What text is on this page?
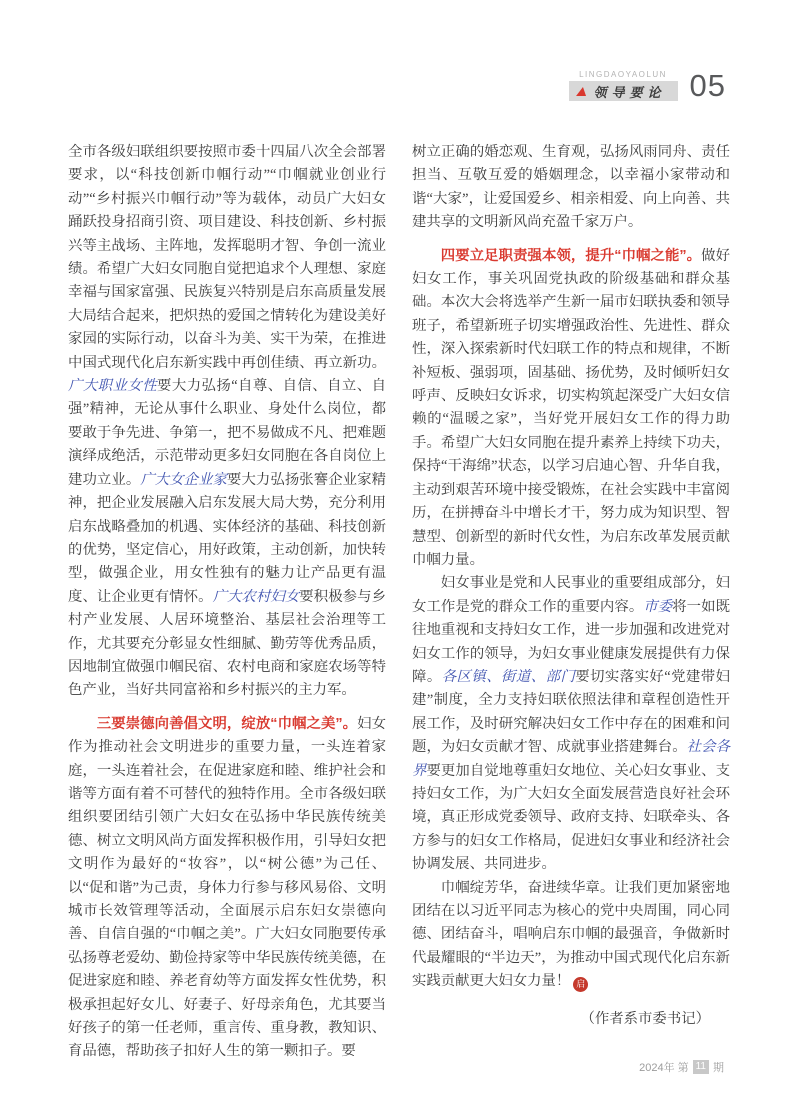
LINGDAOYAOLUN
领导要论 05

全市各级妇联组织要按照市委十四届八次全会部署要求，以“科技创新巾帼行动”“巾帼就业创业行动”“乡村振兴巾帼行动”等为载体，动员广大妇女踊跃投身招商引资、项目建设、科技创新、乡村振兴等主战场、主阵地，发挥聪明才智、争创一流业绩。希望广大妇女同胞自觉把追求个人理想、家庭幸福与国家富强、民族复兴特别是启东高质量发展大局结合起来，把炽热的爱国之情转化为建设美好家园的实际行动，以奋斗为美、实干为荣，在推进中国式现代化启东新实践中再创佳绩、再立新功。广大职业女性要大力弘扬“自尊、自信、自立、自强”精神，无论从事什么职业、身处什么岗位，都要敢于争先进、争第一，把不易做成不凡、把难题演绎成绝活，示范带动更多妇女同胞在各自岗位上建功立业。广大女企业家要大力弘扬张謇企业家精神，把企业发展融入启东发展大局大势，充分利用启东战略叠加的机遇、实体经济的基础、科技创新的优势，坚定信心，用好政策，主动创新，加快转型，做强企业，用女性独有的魅力让产品更有温度、让企业更有情怀。广大农村妇女要积极参与乡村产业发展、人居环境整治、基层社会治理等工作，尤其要充分彰显女性细腻、勤劳等优秀品质，因地制宜做强巾帼民宿、农村电商和家庭农场等特色产业，当好共同富裕和乡村振兴的主力军。

三要崇德向善倡文明，绽放“巾帼之美”。妇女作为推动社会文明进步的重要力量，一头连着家庭，一头连着社会，在促进家庭和睦、维护社会和谐等方面有着不可替代的独特作用。全市各级妇联组织要团结引领广大妇女在弘扬中华民族传统美德、树立文明风尚方面发挥积极作用，引导妇女把文明作为最好的“妆容”，以“树公德”为己任、以“促和谐”为己责，身体力行参与移风易俗、文明城市长效管理等活动，全面展示启东妇女崇德向善、自信自强的“巾帼之美”。广大妇女同胞要传承弘扬尊老爱幼、勤俭持家等中华民族传统美德，在促进家庭和睦、养老育幼等方面发挥女性优势，积极承担起好女儿、好妻子、好母亲角色，尤其要当好孩子的第一任老师，重言传、重身教，教知识、育品德，帮助孩子扣好人生的第一颗扣子。要

树立正确的婚恋观、生育观，弘扬风雨同舟、责任担当、互敬互爱的婚姻理念，以幸福小家带动和谐“大家”，让爱国爱乡、相亲相爱、向上向善、共建共享的文明新风尚充盈千家万户。

四要立足职责强本领，提升“巾帼之能”。做好妇女工作，事关巩固党执政的阶级基础和群众基础。本次大会将选举产生新一届市妇联执委和领导班子，希望新班子切实增强政治性、先进性、群众性，深入探索新时代妇联工作的特点和规律，不断补短板、强弱项，固基础、扬优势，及时倾听妇女呼声、反映妇女诉求，切实构筑起深受广大妇女信赖的“温暖之家”，当好党开展妇女工作的得力助手。希望广大妇女同胞在提升素养上持续下功夫，保持“干海绵”状态，以学习启迪心智、升华自我，主动到艰苦环境中接受锻炼，在社会实践中丰富阅历，在拼搏奋斗中增长才干，努力成为知识型、智慧型、创新型的新时代女性，为启东改革发展贡献巾帼力量。

妇女事业是党和人民事业的重要组成部分，妇女工作是党的群众工作的重要内容。市委将一如既往地重视和支持妇女工作，进一步加强和改进党对妇女工作的领导，为妇女事业健康发展提供有力保障。各区镇、街道、部门要切实落实好“党建带妇建”制度，全力支持妇联依照法律和章程创造性开展工作，及时研究解决妇女工作中存在的困难和问题，为妇女贡献才智、成就事业搭建舞台。社会各界要更加自觉地尊重妇女地位、关心妇女事业、支持妇女工作，为广大妇女全面发展营造良好社会环境，真正形成党委领导、政府支持、妇联牵头、各方参与的妇女工作格局，促进妇女事业和经济社会协调发展、共同进步。

巾帼绽芳华，奋进续华章。让我们更加紧密地团结在以习近平同志为核心的党中央周围，同心同德、团结奋斗，唱响启东巾帼的最强音，争做新时代最耀眼的“半边天”，为推动中国式现代化启东新实践贡献更大妇女力量！ 启

（作者系市委书记）

2024年 第 11 期
